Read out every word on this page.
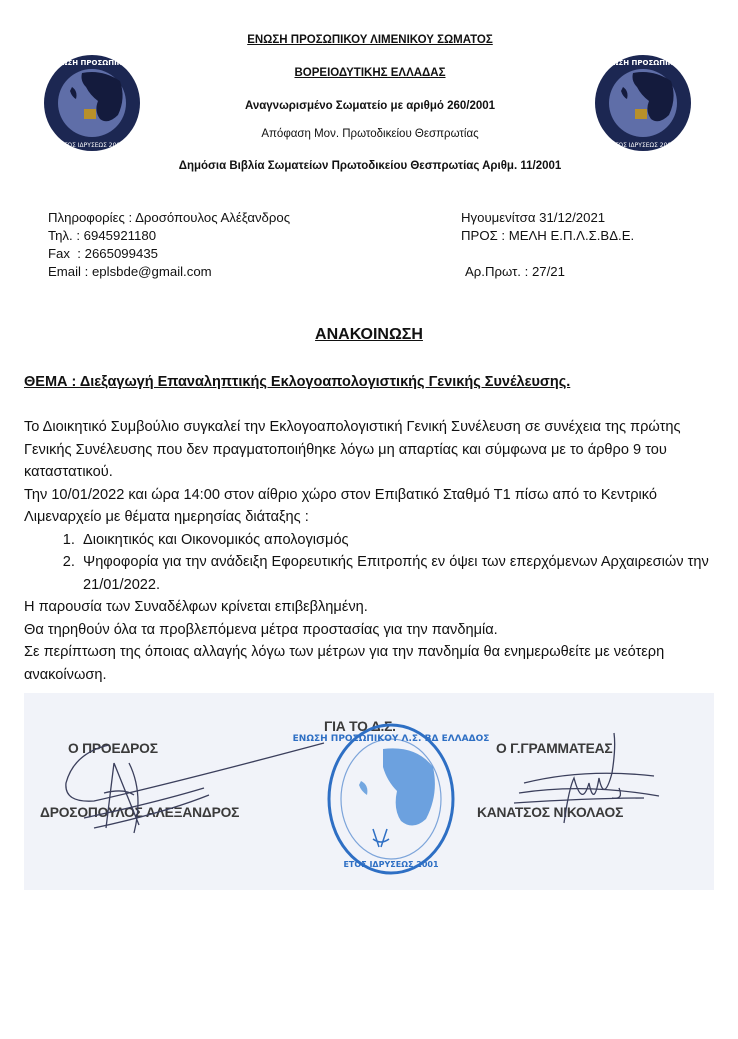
ΕΝΩΣΗ ΠΡΟΣΩΠΙΚΟΥ ΛΙΜΕΝΙΚΟΥ ΣΩΜΑΤΟΣ
ΒΟΡΕΙΟΔΥΤΙΚΗΣ ΕΛΛΑΔΑΣ
Αναγνωρισμένο Σωματείο με αριθμό 260/2001
Απόφαση Μον. Πρωτοδικείου Θεσπρωτίας
Δημόσια Βιβλία Σωματείων Πρωτοδικείου Θεσπρωτίας Αριθμ. 11/2001
ΕΝΩΣΗ ΠΡΟΣΩΠΙΚΟΥ
ΕΤΟΣ ΙΔΡΥΣΕΩΣ 2001
ΕΝΩΣΗ ΠΡΟΣΩΠΙΚΟΥ
ΕΤΟΣ ΙΔΡΥΣΕΩΣ 2001
Πληροφορίες : Δροσόπουλος Αλέξανδρος
Τηλ. : 6945921180
Fax  : 2665099435
Email : eplsbde@gmail.com
Ηγουμενίτσα 31/12/2021
ΠΡΟΣ : ΜΕΛΗ Ε.Π.Λ.Σ.ΒΔ.Ε.
Αρ.Πρωτ. : 27/21
ΑΝΑΚΟΙΝΩΣΗ
ΘΕΜΑ : Διεξαγωγή Επαναληπτικής Εκλογοαπολογιστικής Γενικής Συνέλευσης.

Το Διοικητικό Συμβούλιο συγκαλεί την Εκλογοαπολογιστική Γενική Συνέλευση σε συνέχεια της πρώτης Γενικής Συνέλευσης που δεν πραγματοποιήθηκε λόγω μη απαρτίας και σύμφωνα με το άρθρο 9 του καταστατικού.

Την 10/01/2022 και ώρα 14:00 στον αίθριο χώρο στον Επιβατικό Σταθμό Τ1 πίσω από το Κεντρικό Λιμεναρχείο με θέματα ημερησίας διάταξης :

1. Διοικητικός και Οικονομικός απολογισμός
2. Ψηφοφορία για την ανάδειξη Εφορευτικής Επιτροπής εν όψει των επερχόμενων Αρχαιρεσιών την 21/01/2022.

Η παρουσία των Συναδέλφων κρίνεται επιβεβλημένη.

Θα τηρηθούν όλα τα προβλεπόμενα μέτρα προστασίας για την πανδημία.

Σε περίπτωση της όποιας αλλαγής λόγω των μέτρων για την πανδημία θα ενημερωθείτε με νεότερη ανακοίνωση.

ΓΙΑ ΤΟ Δ.Σ.
Ο ΠΡΟΕΔΡΟΣ
ΔΡΟΣΟΠΟΥΛΟΣ ΑΛΕΞΑΝΔΡΟΣ
Ο Γ.ΓΡΑΜΜΑΤΕΑΣ
ΚΑΝΑΤΣΟΣ ΝΙΚΟΛΑΟΣ
ΕΝΩΣΗ ΠΡΟΣΩΠΙΚΟΥ Λ.Σ. ΒΔ ΕΛΛΑΔΟΣ
ΕΤΟΣ ΙΔΡΥΣΕΩΣ 2001
